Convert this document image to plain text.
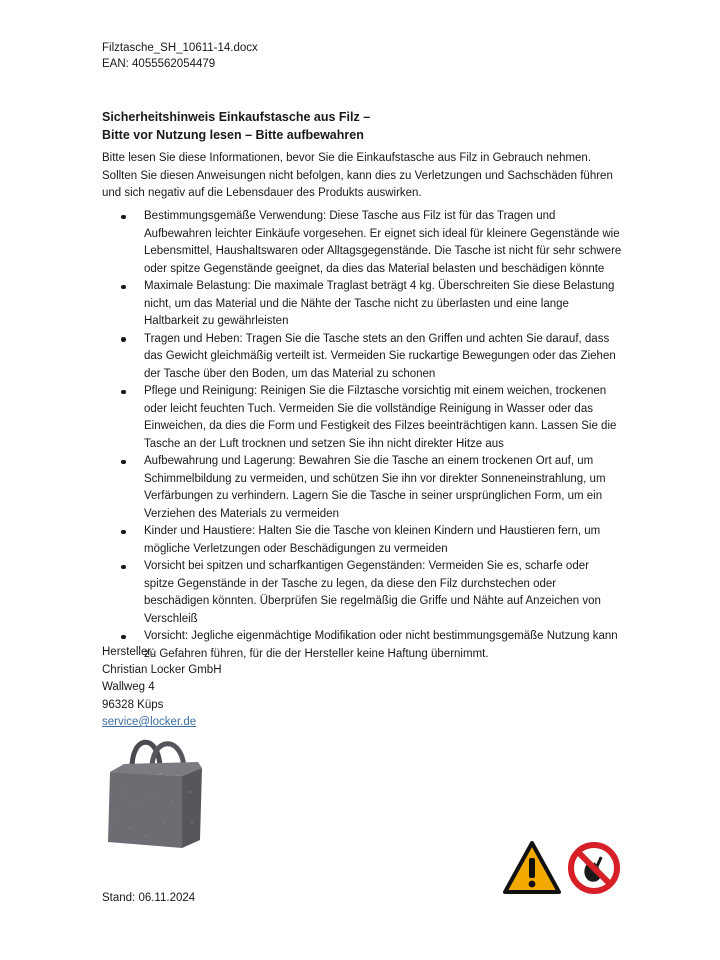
Filztasche_SH_10611-14.docx
EAN: 4055562054479
Sicherheitshinweis Einkaufstasche aus Filz –
Bitte vor Nutzung lesen – Bitte aufbewahren
Bitte lesen Sie diese Informationen, bevor Sie die Einkaufstasche aus Filz in Gebrauch nehmen. Sollten Sie diesen Anweisungen nicht befolgen, kann dies zu Verletzungen und Sachschäden führen und sich negativ auf die Lebensdauer des Produkts auswirken.
Bestimmungsgemäße Verwendung: Diese Tasche aus Filz ist für das Tragen und Aufbewahren leichter Einkäufe vorgesehen. Er eignet sich ideal für kleinere Gegenstände wie Lebensmittel, Haushaltswaren oder Alltagsgegenstände. Die Tasche ist nicht für sehr schwere oder spitze Gegenstände geeignet, da dies das Material belasten und beschädigen könnte
Maximale Belastung: Die maximale Traglast beträgt 4 kg. Überschreiten Sie diese Belastung nicht, um das Material und die Nähte der Tasche nicht zu überlasten und eine lange Haltbarkeit zu gewährleisten
Tragen und Heben: Tragen Sie die Tasche stets an den Griffen und achten Sie darauf, dass das Gewicht gleichmäßig verteilt ist. Vermeiden Sie ruckartige Bewegungen oder das Ziehen der Tasche über den Boden, um das Material zu schonen
Pflege und Reinigung: Reinigen Sie die Filztasche vorsichtig mit einem weichen, trockenen oder leicht feuchten Tuch. Vermeiden Sie die vollständige Reinigung in Wasser oder das Einweichen, da dies die Form und Festigkeit des Filzes beeinträchtigen kann. Lassen Sie die Tasche an der Luft trocknen und setzen Sie ihn nicht direkter Hitze aus
Aufbewahrung und Lagerung: Bewahren Sie die Tasche an einem trockenen Ort auf, um Schimmelbildung zu vermeiden, und schützen Sie ihn vor direkter Sonneneinstrahlung, um Verfärbungen zu verhindern. Lagern Sie die Tasche in seiner ursprünglichen Form, um ein Verziehen des Materials zu vermeiden
Kinder und Haustiere: Halten Sie die Tasche von kleinen Kindern und Haustieren fern, um mögliche Verletzungen oder Beschädigungen zu vermeiden
Vorsicht bei spitzen und scharfkantigen Gegenständen: Vermeiden Sie es, scharfe oder spitze Gegenstände in der Tasche zu legen, da diese den Filz durchstechen oder beschädigen könnten. Überprüfen Sie regelmäßig die Griffe und Nähte auf Anzeichen von Verschleiß
Vorsicht: Jegliche eigenmächtige Modifikation oder nicht bestimmungsgemäße Nutzung kann zu Gefahren führen, für die der Hersteller keine Haftung übernimmt.
Hersteller:
Christian Locker GmbH
Wallweg 4
96328 Küps
service@locker.de
Stand: 06.11.2024
